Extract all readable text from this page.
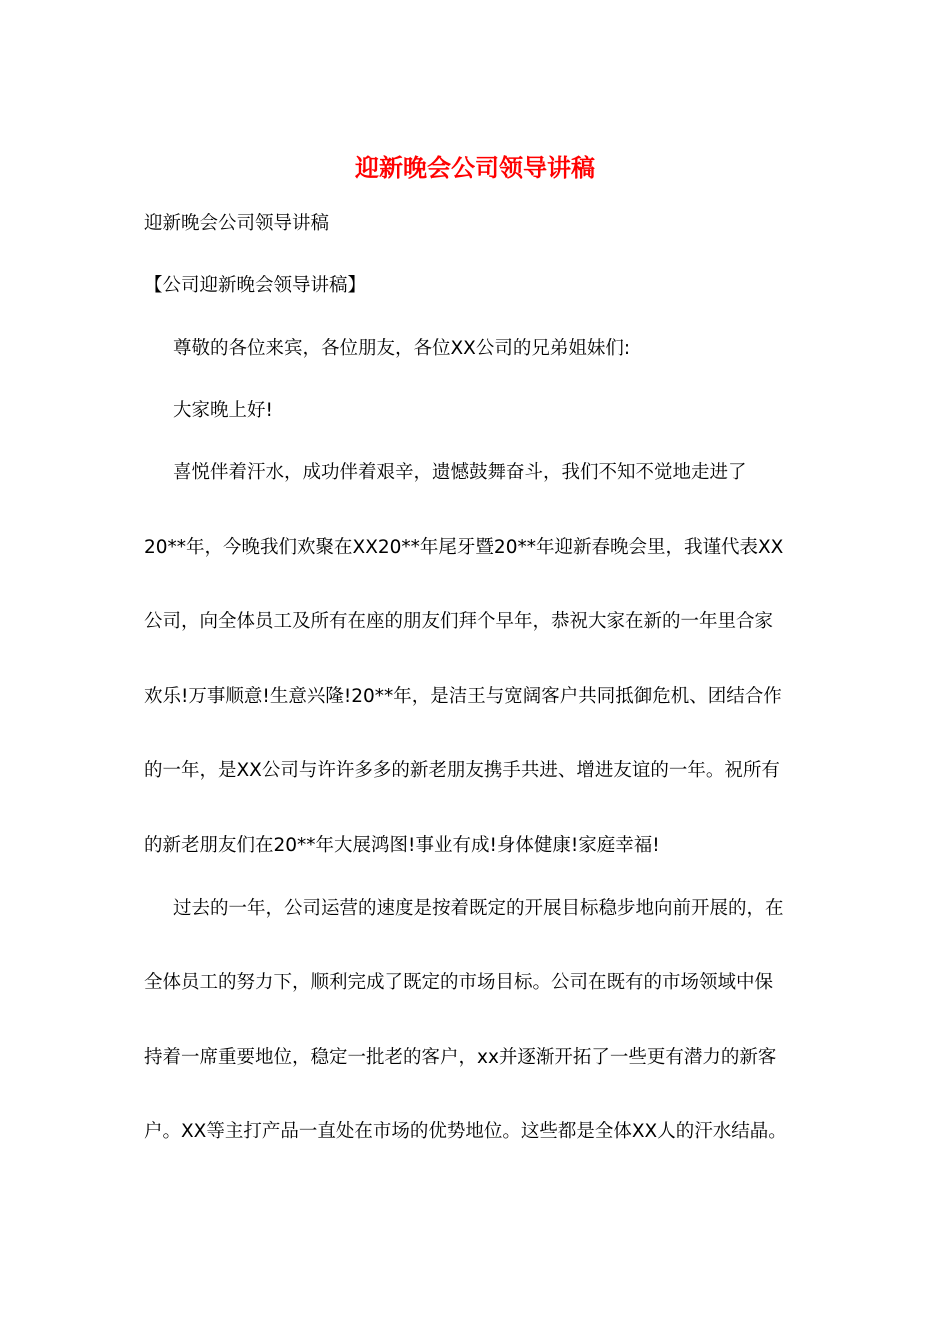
迎新晚会公司领导讲稿

迎新晚会公司领导讲稿

【公司迎新晚会领导讲稿】

尊敬的各位来宾，各位朋友，各位XX公司的兄弟姐妹们:

大家晚上好!

喜悦伴着汗水，成功伴着艰辛，遗憾鼓舞奋斗，我们不知不觉地走进了

20**年，今晚我们欢聚在XX20**年尾牙暨20**年迎新春晚会里，我谨代表XX

公司，向全体员工及所有在座的朋友们拜个早年，恭祝大家在新的一年里合家

欢乐!万事顺意!生意兴隆!20**年，是洁王与宽阔客户共同抵御危机、团结合作

的一年，是XX公司与许许多多的新老朋友携手共进、增进友谊的一年。祝所有

的新老朋友们在20**年大展鸿图!事业有成!身体健康!家庭幸福!

过去的一年，公司运营的速度是按着既定的开展目标稳步地向前开展的，在

全体员工的努力下，顺利完成了既定的市场目标。公司在既有的市场领域中保

持着一席重要地位，稳定一批老的客户，xx并逐渐开拓了一些更有潜力的新客

户。XX等主打产品一直处在市场的优势地位。这些都是全体XX人的汗水结晶。
